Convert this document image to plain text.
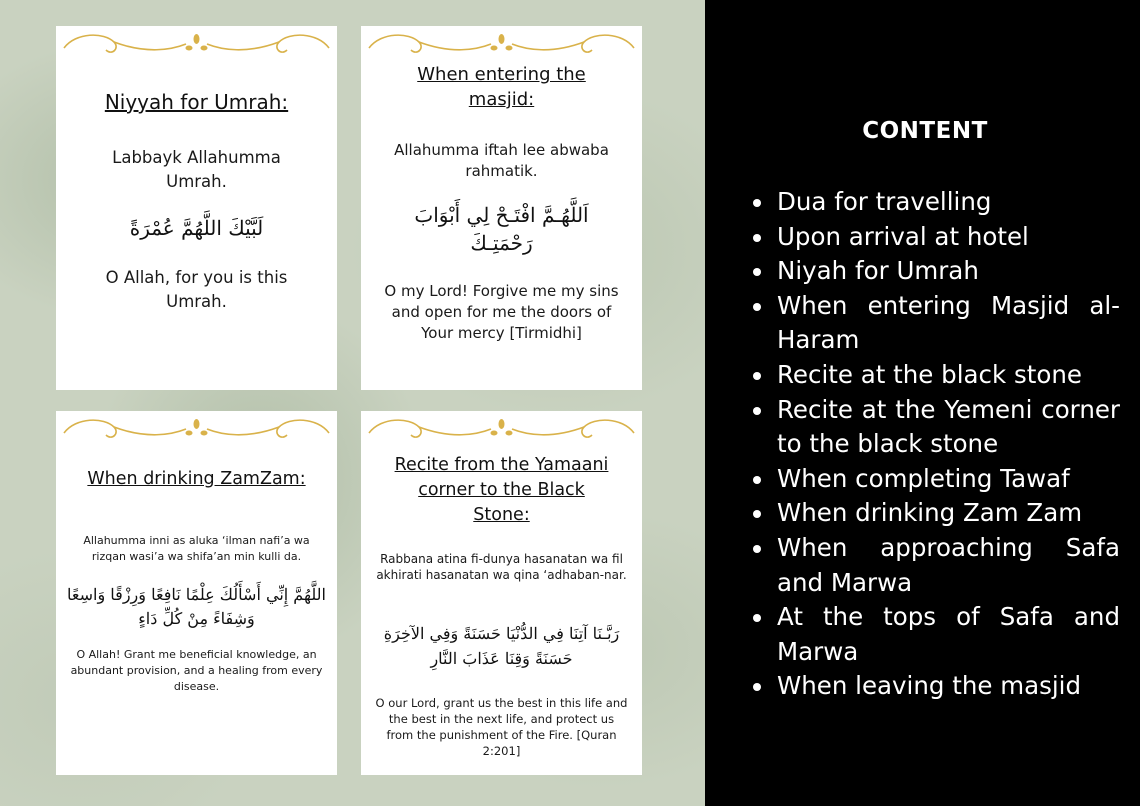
Niyyah for Umrah:

Labbayk Allahumma Umrah.

لَبَّيْكَ اللَّهُمَّ عُمْرَةً

O Allah, for you is this Umrah.

When entering the masjid:

Allahumma iftah lee abwaba rahmatik.

اَللَّهُـمَّ افْتَـحْ لِي أَبْوَابَ رَحْمَتِـكَ

O my Lord! Forgive me my sins and open for me the doors of Your mercy [Tirmidhi]

When drinking ZamZam:

Allahumma inni as aluka ‘ilman nafi’a wa rizqan wasi’a wa shifa’an min kulli da.

اللَّهُمَّ إِنِّي أَسْأَلُكَ عِلْمًا نَافِعًا وَرِزْقًا وَاسِعًا وَشِفَاءً مِنْ كُلِّ دَاءٍ

O Allah! Grant me beneficial knowledge, an abundant provision, and a healing from every disease.

Recite from the Yamaani corner to the Black Stone:

Rabbana atina fi-dunya hasanatan wa fil akhirati hasanatan wa qina ‘adhaban-nar.

رَبَّـنَا آتِنَا فِي الدُّنْيَا حَسَنَةً وَفِي الآخِرَةِ حَسَنَةً وَقِنَا عَذَابَ النَّارِ

O our Lord, grant us the best in this life and the best in the next life, and protect us from the punishment of the Fire. [Quran 2:201]

CONTENT
Dua for travelling
Upon arrival at hotel
Niyah for Umrah
When entering Masjid al-Haram
Recite at the black stone
Recite at the Yemeni corner to the black stone
When completing Tawaf
When drinking Zam Zam
When approaching Safa and Marwa
At the tops of Safa and Marwa
When leaving the masjid
